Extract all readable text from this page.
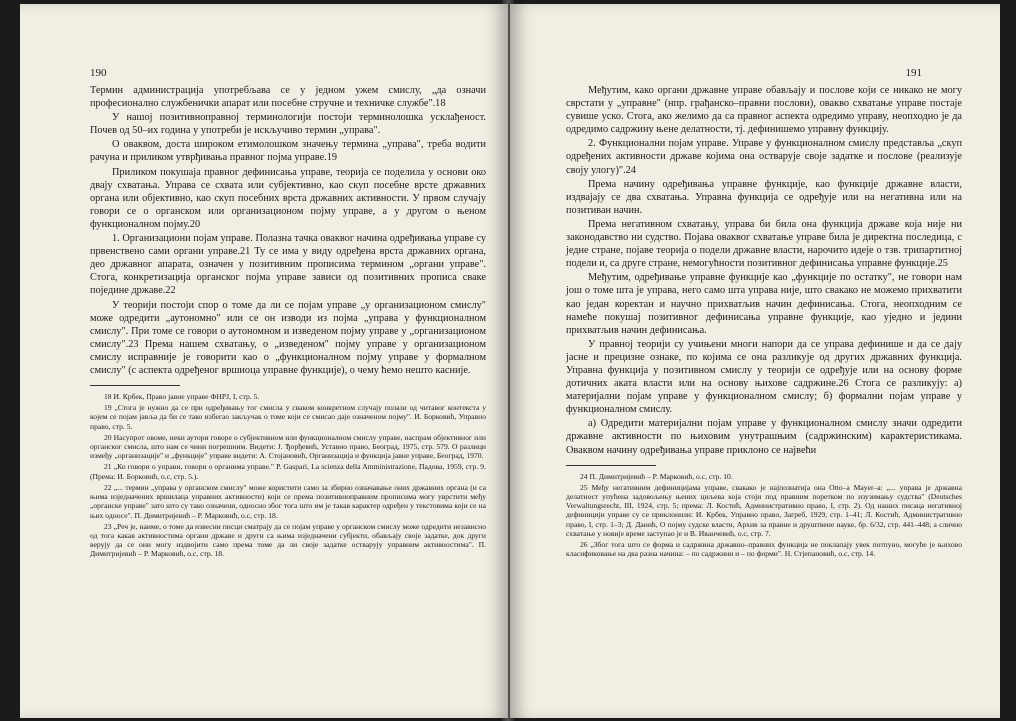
190

Термин администрација употребљава се у једном ужем смислу, „да означи професионално службенички апарат или посебне стручне и техничке службе".18

У нашој позитивноправној терминологији постоји терминолошка усклађеност. Почев од 50–их година у употреби је искључиво термин „управа".

О оваквом, доста широком етимолошком значењу термина „управа", треба водити рачуна и приликом утврђивања правног појма управе.19

Приликом покушаја правног дефинисања управе, теорија се поделила у основи око двају схватања. Управа се схвата или субјективно, као скуп посебне врсте државних органа или објективно, као скуп посебних врста државних активности. У првом случају говори се о органском или организационом појму управе, а у другом о њеном функционалном појму.20

1. Организациони појам управе. Полазна тачка оваквог начина одређивања управе су првенствено сами органи управе.21 Ту се има у виду одређена врста државних органа, део државног апарата, означен у позитивним прописима термином „органи управе". Стога, конкретизација органског појма управе зависи од позитивних прописа сваке поједине државе.22

У теорији постоји спор о томе да ли се појам управе „у организационом смислу" може одредити „аутономно" или се он изводи из појма „управа у функционалном смислу". При томе се говори о аутономном и изведеном појму управе у „организационом смислу".23 Према нашем схватању, о „изведеном" појму управе у организационом смислу исправније је говорити као о „функционалном појму управе у формалном смислу" (с аспекта одређеног вршиоца управне функције), о чему ћемо нешто касније.

18 И. Крбек, Право јавне управе ФНРЈ, I, стр. 5.

19 „Стога је нужно да се при одређивању тог смисла у сваком конкретном случају полази од читавог контекста у којем се појам јавља да би се тако избегао закључак о томе који се смисао даје означеном појму". И. Борковић, Управно право, стр. 5.

20 Насупрот овоме, неки аутори говоре о субјективном или функционалном смислу управе, наспрам објективног или органског смисла, што нам се чини погрешним. Видети: Ј. Ђорђевић, Уставно право, Београд, 1975, стр. 579. О разлици између „организације" и „функције" управе видети: А. Стојановић, Организација и функција јавне управе, Београд, 1970.

21 „Ко говори о управи, говори о органима управе." Р. Gaspari, La scienza della Amministrazione, Падова, 1959, стр. 9. (Према: И. Борковић, о.с, стр. 5.).

22 „... термин „управа у органском смислу" може користити само за збирно означавање оних државних органа (и са њима изједначених вршилаца управних активности) који се према позитивноправним прописима могу уврстити међу „органске управе" зато што су тако означени, односно због тога што им је такав карактер одређен у текстовима који се на њих односе". П. Димитријевић – Р. Марковић, о.с, стр. 18.

23 „Реч је, наиме, о томе да извесни писци сматрају да се појам управе у органском смислу може одредити независно од тога какав активностима органи државе и други са њима изједначени субјекти, обављају своје задатке, док други верују да се они могу издвојити само према томе да ли своје задатке остварују управним активностима". П. Димитријевић – Р. Марковић, о.с, стр. 18.

191

Међутим, како органи државне управе обављају и послове који се никако не могу сврстати у „управне" (нпр. грађанско–правни послови), овакво схватање управе постаје сувише уско. Стога, ако желимо да са правног аспекта одредимо управу, неопходно је да одредимо садржину њене делатности, тј. дефинишемо управну функцију.

2. Функционални појам управе. Управе у функционалном смислу представља „скуп одређених активности државе којима она остварује своје задатке и послове (реализује своју улогу)".24

Према начину одређивања управне функције, као функције државне власти, издвајају се два схватања. Управна функција се одређује или на негативна или на позитиван начин.

Према негативном схватању, управа би била она функција државе која није ни законодавство ни судство. Појава оваквог схватање управе била је директна последица, с једне стране, појаве теорија о подели државне власти, нарочито идеје о тзв. трипартитној подели и, са друге стране, немогућности позитивног дефинисања управне функције.25

Међутим, одређивање управне функције као „функције по остатку", не говори нам још о томе шта је управа, него само шта управа није, што свакако не можемо прихватити као један коректан и научно прихватљив начин дефинисања. Стога, неопходним се намеће покушај позитивног дефинисања управне функције, као уједно и једини прихватљив начин дефинисања.

У правној теорији су учињени многи напори да се управа дефинише и да се дају јасне и прецизне ознаке, по којима се она разликује од других државних функција. Управна функција у позитивном смислу у теорији се одређује или на основу форме дотичних аката власти или на основу њихове садржине.26 Стога се разликују: а) материјални појам управе у функционалном смислу; б) формални појам управе у функционалном смислу.

а) Одредити материјални појам управе у функционалном смислу значи одредити државне активности по њиховим унутрашњим (садржинским) карактеристикама. Оваквом начину одређивања управе приклоно се највећи

24 П. Димитријевић – Р. Марковић, о.с, стр. 10.

25 Међу негативним дефиницијама управе, свакако је најпознатија она Otto–a Mayer–a: „... управа је државна делатност упућена задовољењу њених циљева која стоји под правним поретком по изузимању судства" (Deutsches Verwaltungsrecht, III, 1924, стр. 5; према: Л. Костић, Административно право, I, стр. 2). Од наших писаца негативној дефиницији управе су се приклонили: И. Крбек, Управно право, Загреб, 1929, стр. 1–41; Л. Костић, Административно право, I, стр. 1–3; Д. Данић, О појму судске власти, Архив за правне и друштвене науке, бр. 6/32, стр. 441–448; а слично схватање у новије време заступао је и В. Ивaнчевић, о.с, стр. 7.

26 „Због тога што се форма и садржина државно–правних функција не поклапају увек потпуно, могуће је њихово класификовање на два разна начина: – по садржини и – по форми". Н. Стјепановић, о.с, стр. 14.
